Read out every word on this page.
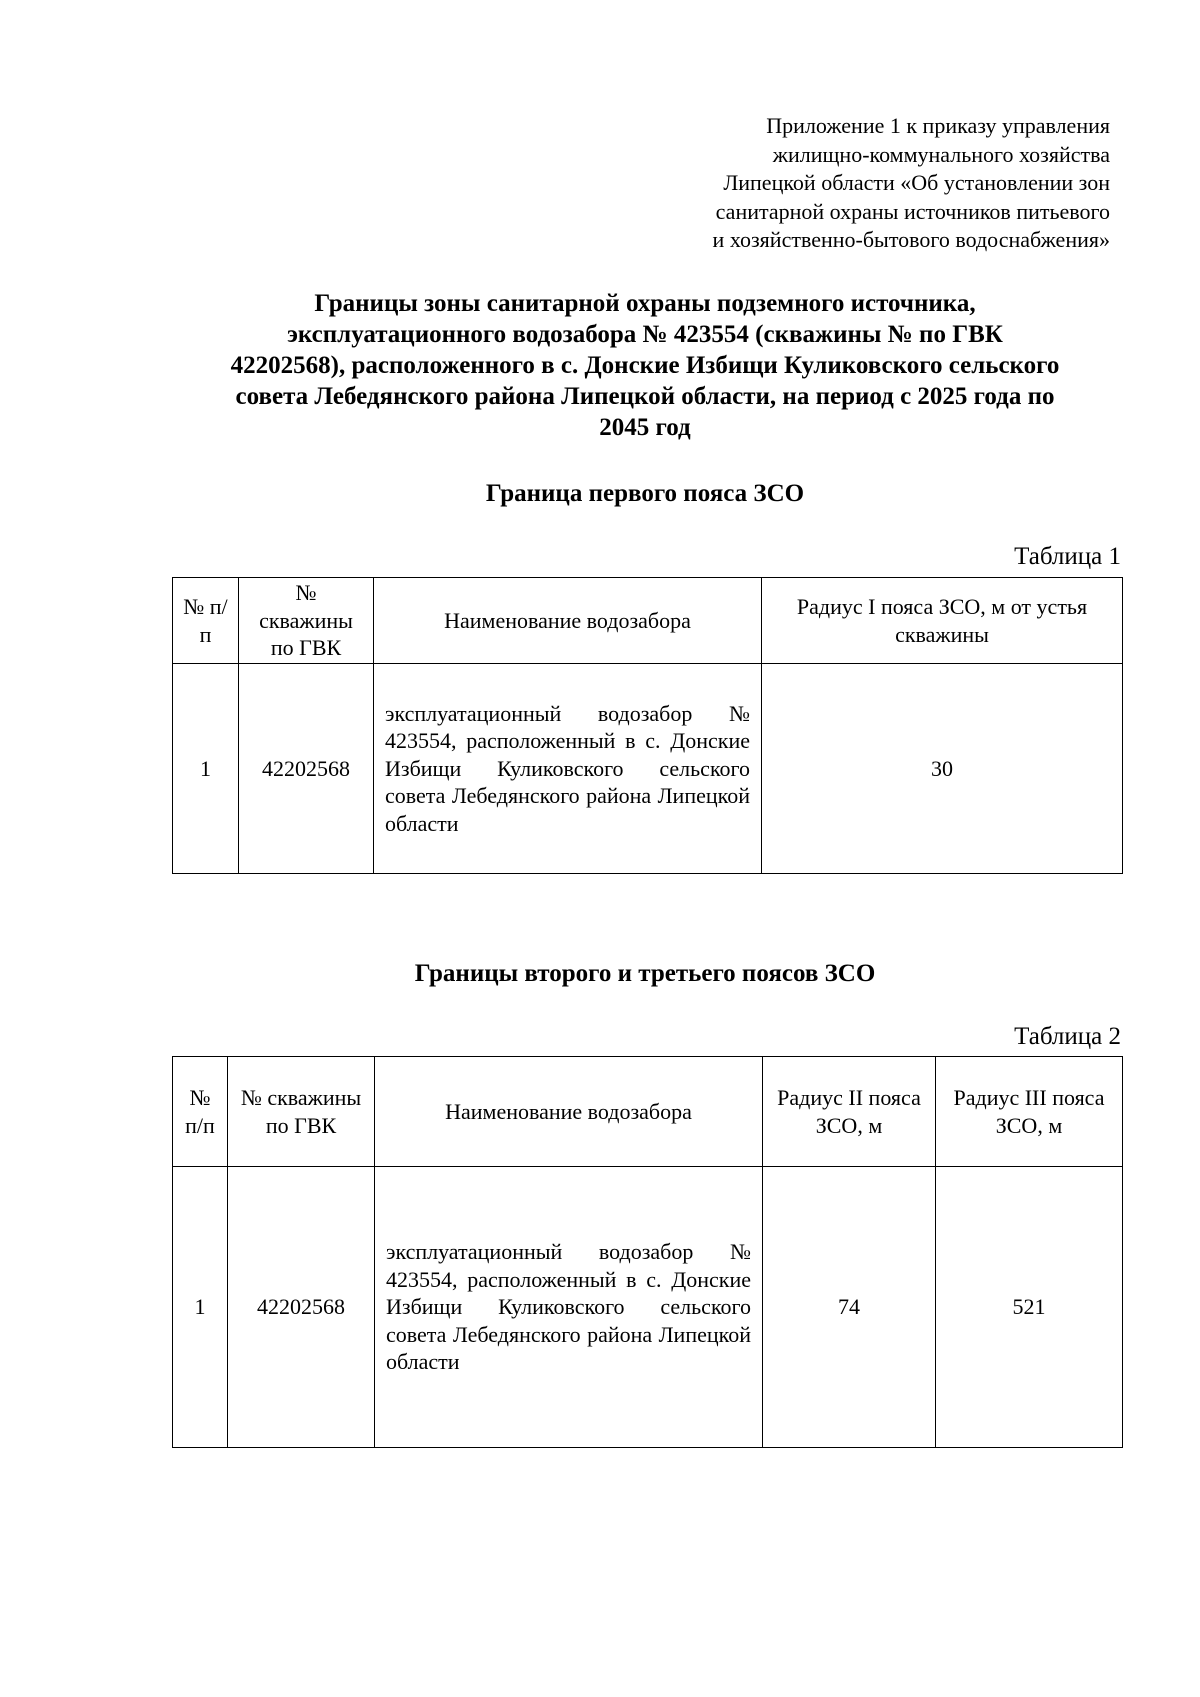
Приложение 1 к приказу управления
жилищно-коммунального хозяйства
Липецкой области «Об установлении зон
санитарной охраны источников питьевого
и хозяйственно-бытового водоснабжения»
Границы зоны санитарной охраны подземного источника,
эксплуатационного водозабора № 423554 (скважины № по ГВК
42202568), расположенного в с. Донские Избищи Куликовского сельского
совета Лебедянского района Липецкой области, на период с 2025 года по
2045 год
Граница первого пояса ЗСО
Таблица 1
№ п/п	№ скважины по ГВК	Наименование водозабора	Радиус I пояса ЗСО, м от устья скважины
1	42202568	эксплуатационный водозабор № 423554, расположенный в с. Донские Избищи Куликовского сельского совета Лебедянского района Липецкой области	30
Границы второго и третьего поясов ЗСО
Таблица 2
№ п/п	№ скважины по ГВК	Наименование водозабора	Радиус II пояса ЗСО, м	Радиус III пояса ЗСО, м
1	42202568	эксплуатационный водозабор № 423554, расположенный в с. Донские Избищи Куликовского сельского совета Лебедянского района Липецкой области	74	521
